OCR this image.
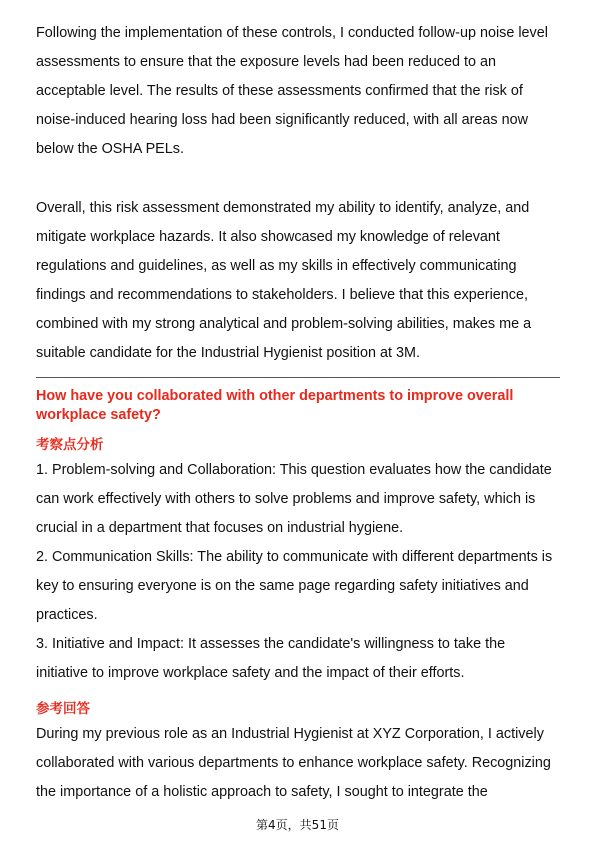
Following the implementation of these controls, I conducted follow-up noise level
assessments to ensure that the exposure levels had been reduced to an
acceptable level. The results of these assessments confirmed that the risk of
noise-induced hearing loss had been significantly reduced, with all areas now
below the OSHA PELs.

Overall, this risk assessment demonstrated my ability to identify, analyze, and
mitigate workplace hazards. It also showcased my knowledge of relevant
regulations and guidelines, as well as my skills in effectively communicating
findings and recommendations to stakeholders. I believe that this experience,
combined with my strong analytical and problem-solving abilities, makes me a
suitable candidate for the Industrial Hygienist position at 3M.

How have you collaborated with other departments to improve overall
workplace safety?
考察点分析

1. Problem-solving and Collaboration: This question evaluates how the candidate
can work effectively with others to solve problems and improve safety, which is
crucial in a department that focuses on industrial hygiene.
2. Communication Skills: The ability to communicate with different departments is
key to ensuring everyone is on the same page regarding safety initiatives and
practices.
3. Initiative and Impact: It assesses the candidate's willingness to take the
initiative to improve workplace safety and the impact of their efforts.

参考回答

During my previous role as an Industrial Hygienist at XYZ Corporation, I actively
collaborated with various departments to enhance workplace safety. Recognizing
the importance of a holistic approach to safety, I sought to integrate the

第4页，共51页
